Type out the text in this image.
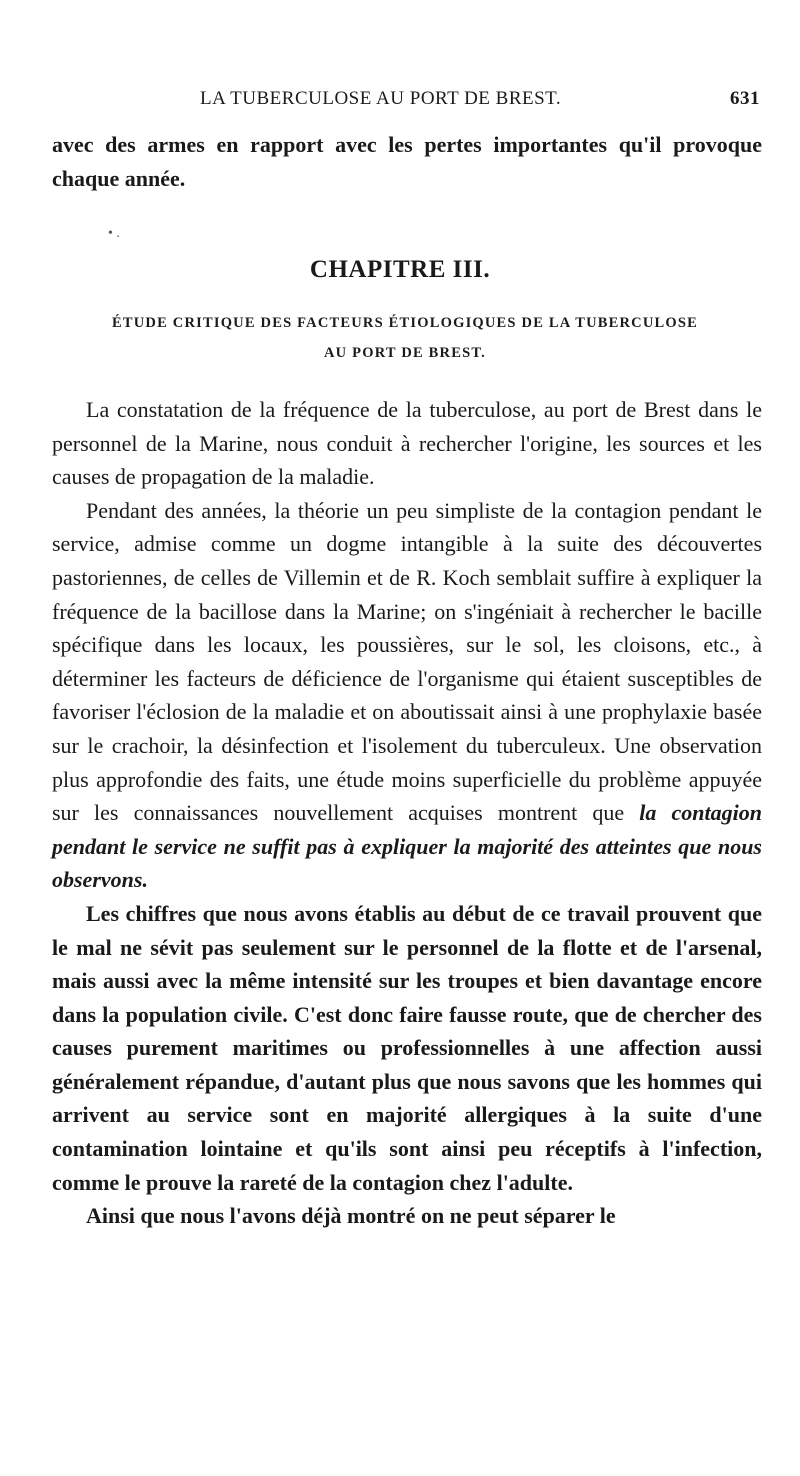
LA TUBERCULOSE AU PORT DE BREST.	631

avec des armes en rapport avec les pertes importantes qu'il provoque chaque année.

• .
CHAPITRE III.
ÉTUDE CRITIQUE DES FACTEURS ÉTIOLOGIQUES DE LA TUBERCULOSE
AU PORT DE BREST.

La constatation de la fréquence de la tuberculose, au port de Brest dans le personnel de la Marine, nous conduit à rechercher l'origine, les sources et les causes de propagation de la maladie.

Pendant des années, la théorie un peu simpliste de la contagion pendant le service, admise comme un dogme intangible à la suite des découvertes pastoriennes, de celles de Villemin et de R. Koch semblait suffire à expliquer la fréquence de la bacillose dans la Marine; on s'ingéniait à rechercher le bacille spécifique dans les locaux, les poussières, sur le sol, les cloisons, etc., à déterminer les facteurs de déficience de l'organisme qui étaient susceptibles de favoriser l'éclosion de la maladie et on aboutissait ainsi à une prophylaxie basée sur le crachoir, la désinfection et l'isolement du tuberculeux. Une observation plus approfondie des faits, une étude moins superficielle du problème appuyée sur les connaissances nouvellement acquises montrent que la contagion pendant le service ne suffit pas à expliquer la majorité des atteintes que nous observons.

Les chiffres que nous avons établis au début de ce travail prouvent que le mal ne sévit pas seulement sur le personnel de la flotte et de l'arsenal, mais aussi avec la même intensité sur les troupes et bien davantage encore dans la population civile. C'est donc faire fausse route, que de chercher des causes purement maritimes ou professionnelles à une affection aussi généralement répandue, d'autant plus que nous savons que les hommes qui arrivent au service sont en majorité allergiques à la suite d'une contamination lointaine et qu'ils sont ainsi peu réceptifs à l'infection, comme le prouve la rareté de la contagion chez l'adulte.

Ainsi que nous l'avons déjà montré on ne peut séparer le
